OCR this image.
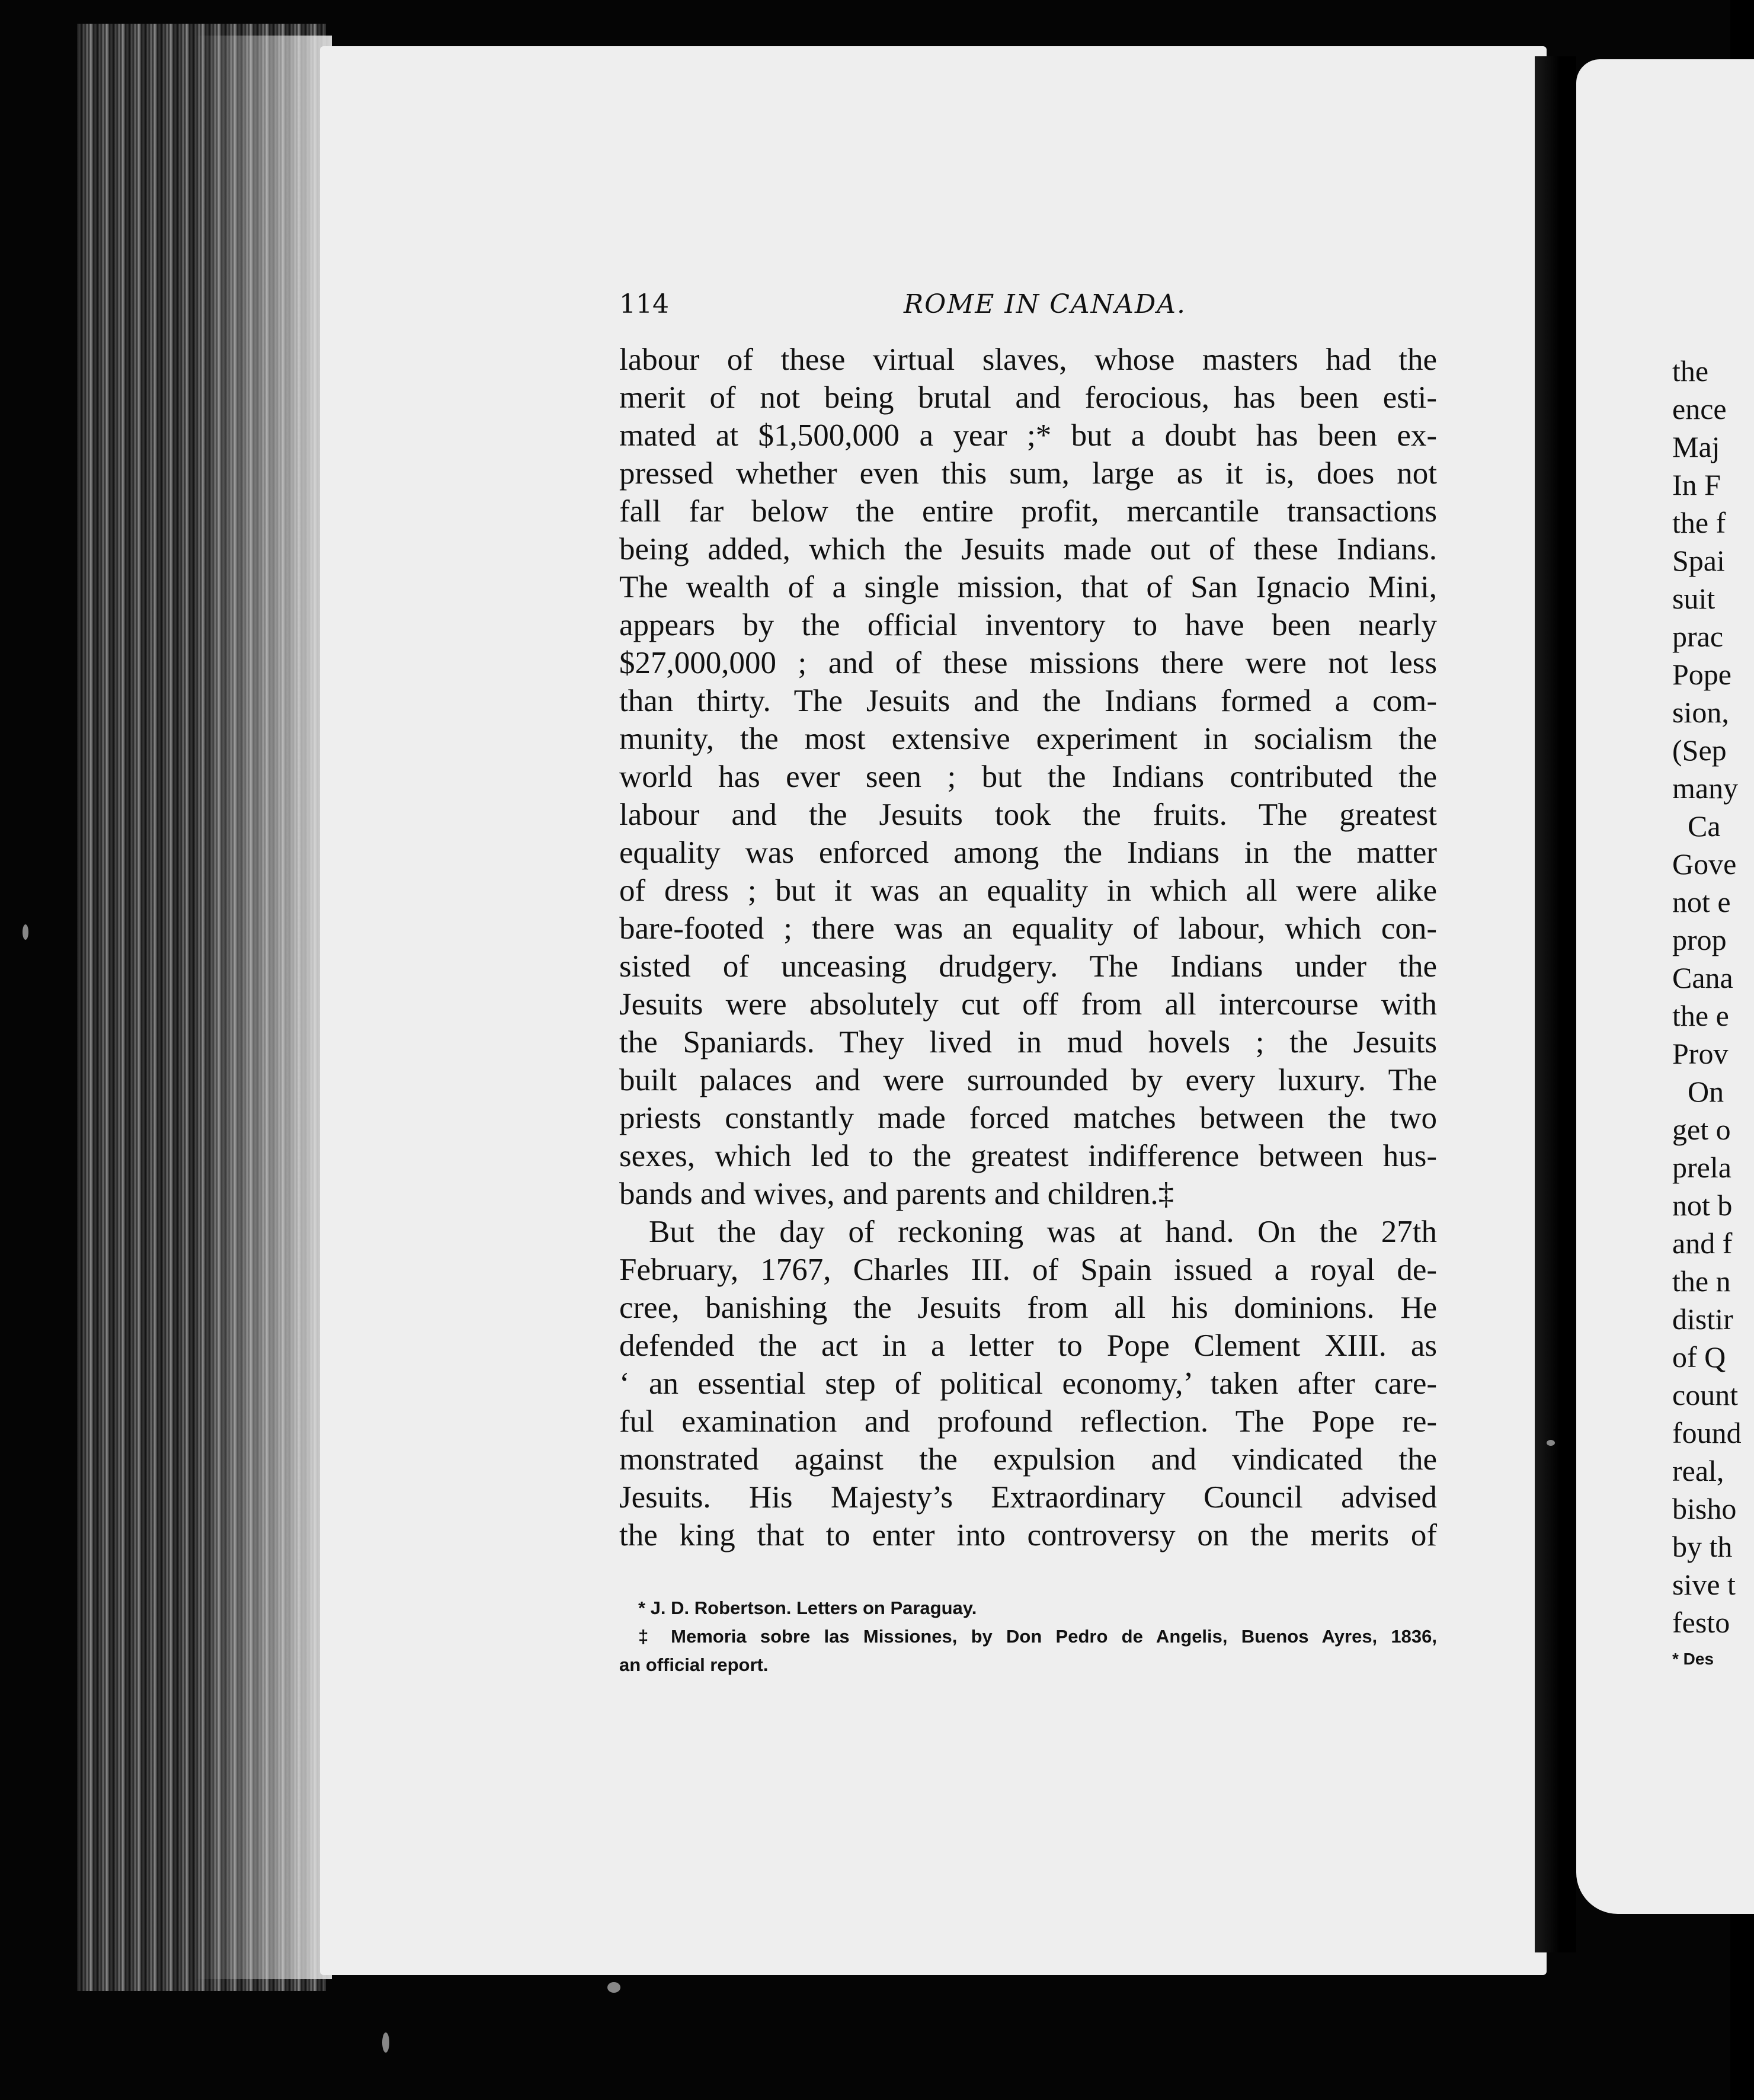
114	ROME IN CANADA.
labour of these virtual slaves, whose masters had the
merit of not being brutal and ferocious, has been esti-
mated at $1,500,000 a year ;* but a doubt has been ex-
pressed whether even this sum, large as it is, does not
fall far below the entire profit, mercantile transactions
being added, which the Jesuits made out of these Indians.
The wealth of a single mission, that of San Ignacio Mini,
appears by the official inventory to have been nearly
$27,000,000 ; and of these missions there were not less
than thirty. The Jesuits and the Indians formed a com-
munity, the most extensive experiment in socialism the
world has ever seen ; but the Indians contributed the
labour and the Jesuits took the fruits. The greatest
equality was enforced among the Indians in the matter
of dress ; but it was an equality in which all were alike
bare-footed ; there was an equality of labour, which con-
sisted of unceasing drudgery. The Indians under the
Jesuits were absolutely cut off from all intercourse with
the Spaniards. They lived in mud hovels ; the Jesuits
built palaces and were surrounded by every luxury. The
priests constantly made forced matches between the two
sexes, which led to the greatest indifference between hus-
bands and wives, and parents and children.‡
But the day of reckoning was at hand. On the 27th
February, 1767, Charles III. of Spain issued a royal de-
cree, banishing the Jesuits from all his dominions. He
defended the act in a letter to Pope Clement XIII. as
‘ an essential step of political economy,’ taken after care-
ful examination and profound reflection. The Pope re-
monstrated against the expulsion and vindicated the
Jesuits. His Majesty’s Extraordinary Council advised
the king that to enter into controversy on the merits of
* J. D. Robertson. Letters on Paraguay.
‡ Memoria sobre las Missiones, by Don Pedro de Angelis, Buenos Ayres, 1836,
an official report.
the
ence
Maj
In F
the f
Spai
suit
prac
Pope
sion,
(Sep
many
Ca
Gove
not e
prop
Cana
the e
Prov
On
get o
prela
not b
and f
the n
distir
of Q
count
found
real,
bisho
by th
sive t
festo
* Des
